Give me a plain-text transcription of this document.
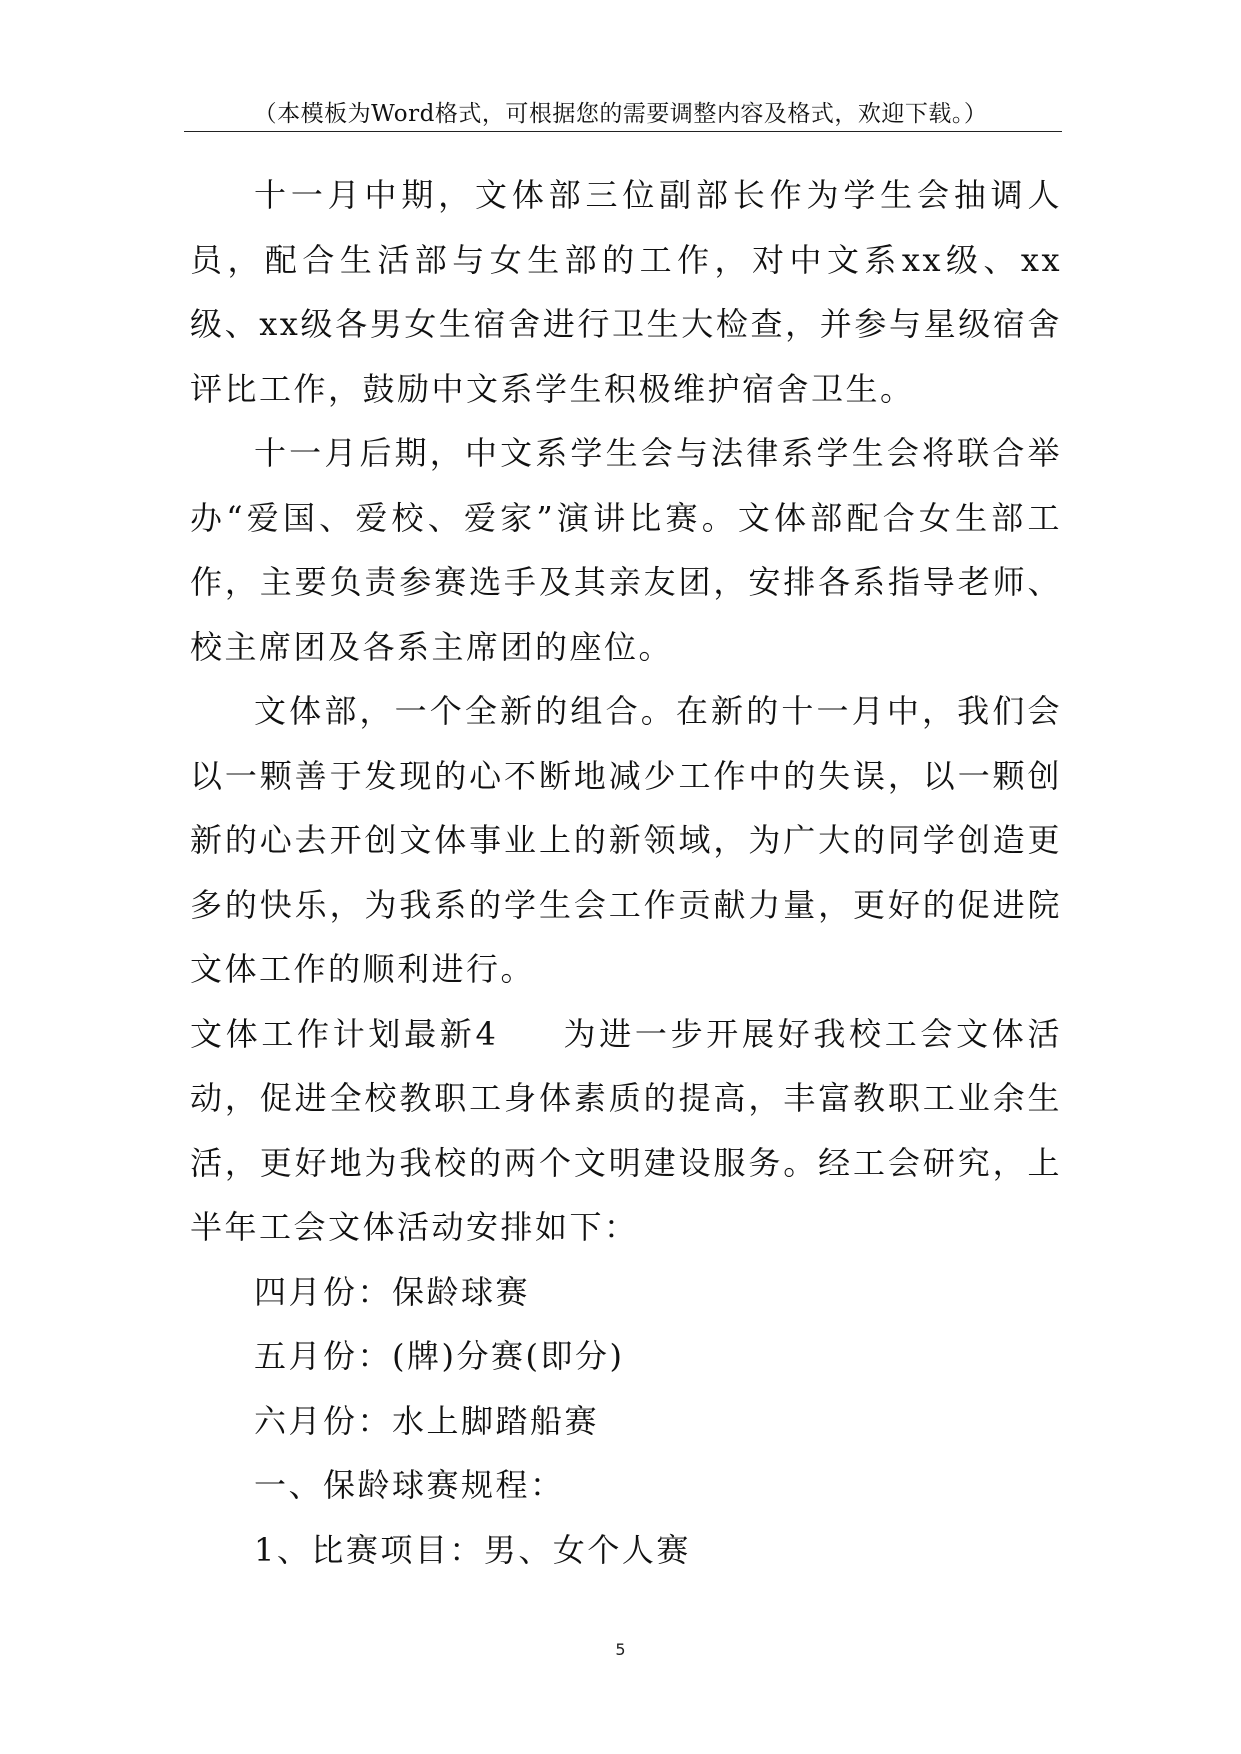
（本模板为Word格式，可根据您的需要调整内容及格式，欢迎下载。）

十一月中期，文体部三位副部长作为学生会抽调人员，配合生活部与女生部的工作，对中文系xx级、xx级、xx级各男女生宿舍进行卫生大检查，并参与星级宿舍评比工作，鼓励中文系学生积极维护宿舍卫生。

十一月后期，中文系学生会与法律系学生会将联合举办“爱国、爱校、爱家”演讲比赛。文体部配合女生部工作，主要负责参赛选手及其亲友团，安排各系指导老师、校主席团及各系主席团的座位。

文体部，一个全新的组合。在新的十一月中，我们会以一颗善于发现的心不断地减少工作中的失误，以一颗创新的心去开创文体事业上的新领域，为广大的同学创造更多的快乐，为我系的学生会工作贡献力量，更好的促进院文体工作的顺利进行。

文体工作计划最新4 为进一步开展好我校工会文体活动，促进全校教职工身体素质的提高，丰富教职工业余生活，更好地为我校的两个文明建设服务。经工会研究，上半年工会文体活动安排如下：

四月份：保龄球赛

五月份：(牌)分赛(即分)

六月份：水上脚踏船赛

一、保龄球赛规程：

1、比赛项目：男、女个人赛

5
